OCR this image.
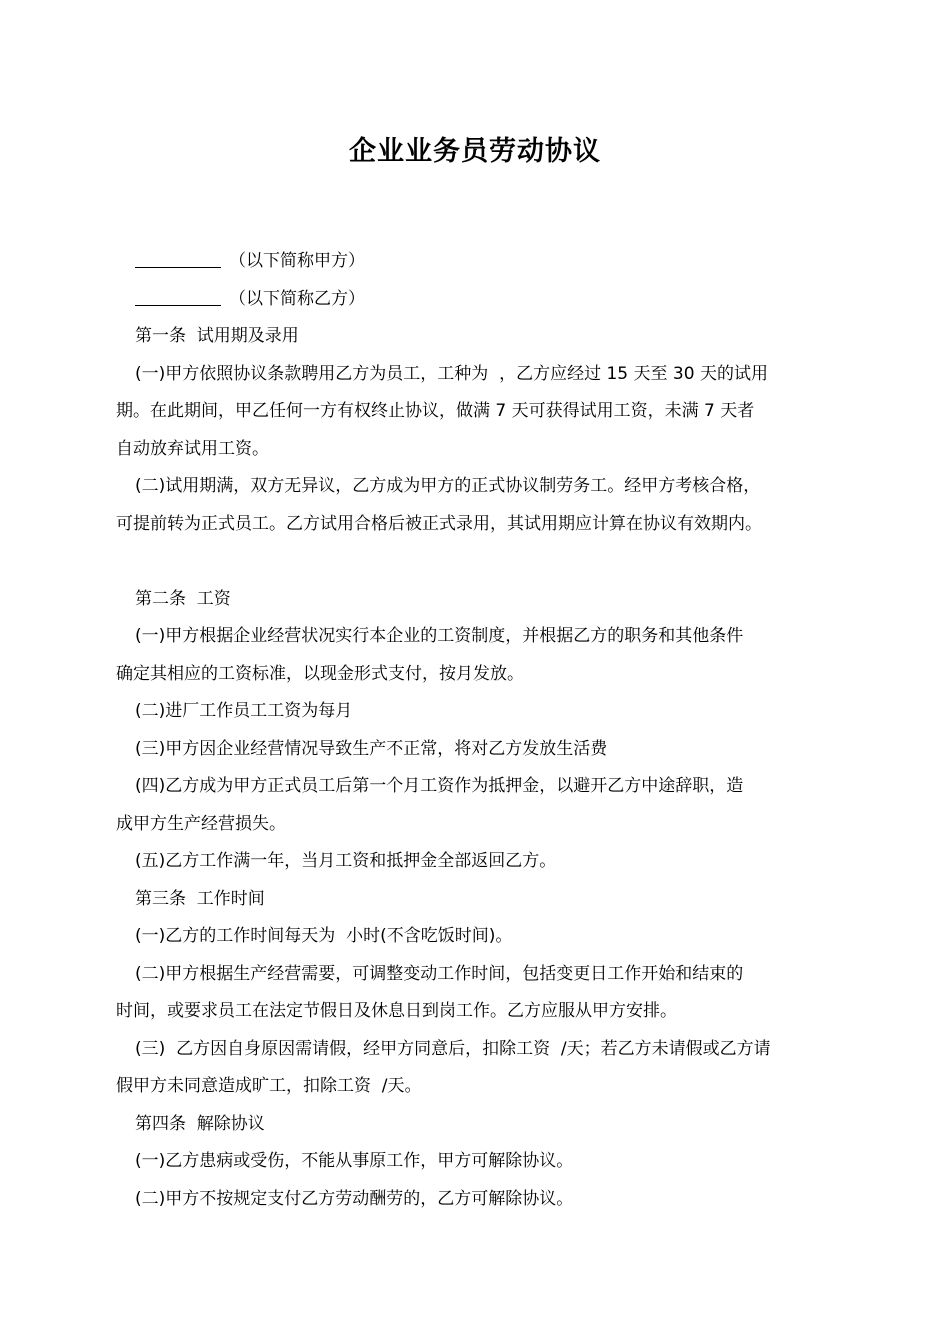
企业业务员劳动协议

（以下简称甲方）

（以下简称乙方）

第一条  试用期及录用

(一)甲方依照协议条款聘用乙方为员工，工种为  ，乙方应经过 15 天至 30 天的试用

期。在此期间，甲乙任何一方有权终止协议，做满 7 天可获得试用工资，未满 7 天者

自动放弃试用工资。

(二)试用期满，双方无异议，乙方成为甲方的正式协议制劳务工。经甲方考核合格，

可提前转为正式员工。乙方试用合格后被正式录用，其试用期应计算在协议有效期内。

第二条  工资

(一)甲方根据企业经营状况实行本企业的工资制度，并根据乙方的职务和其他条件

确定其相应的工资标准，以现金形式支付，按月发放。

(二)进厂工作员工工资为每月

(三)甲方因企业经营情况导致生产不正常，将对乙方发放生活费

(四)乙方成为甲方正式员工后第一个月工资作为抵押金，以避开乙方中途辞职，造

成甲方生产经营损失。

(五)乙方工作满一年，当月工资和抵押金全部返回乙方。

第三条  工作时间

(一)乙方的工作时间每天为  小时(不含吃饭时间)。

(二)甲方根据生产经营需要，可调整变动工作时间，包括变更日工作开始和结束的

时间，或要求员工在法定节假日及休息日到岗工作。乙方应服从甲方安排。

(三)  乙方因自身原因需请假，经甲方同意后，扣除工资  /天；若乙方未请假或乙方请

假甲方未同意造成旷工，扣除工资  /天。

第四条  解除协议

(一)乙方患病或受伤，不能从事原工作，甲方可解除协议。

(二)甲方不按规定支付乙方劳动酬劳的，乙方可解除协议。
